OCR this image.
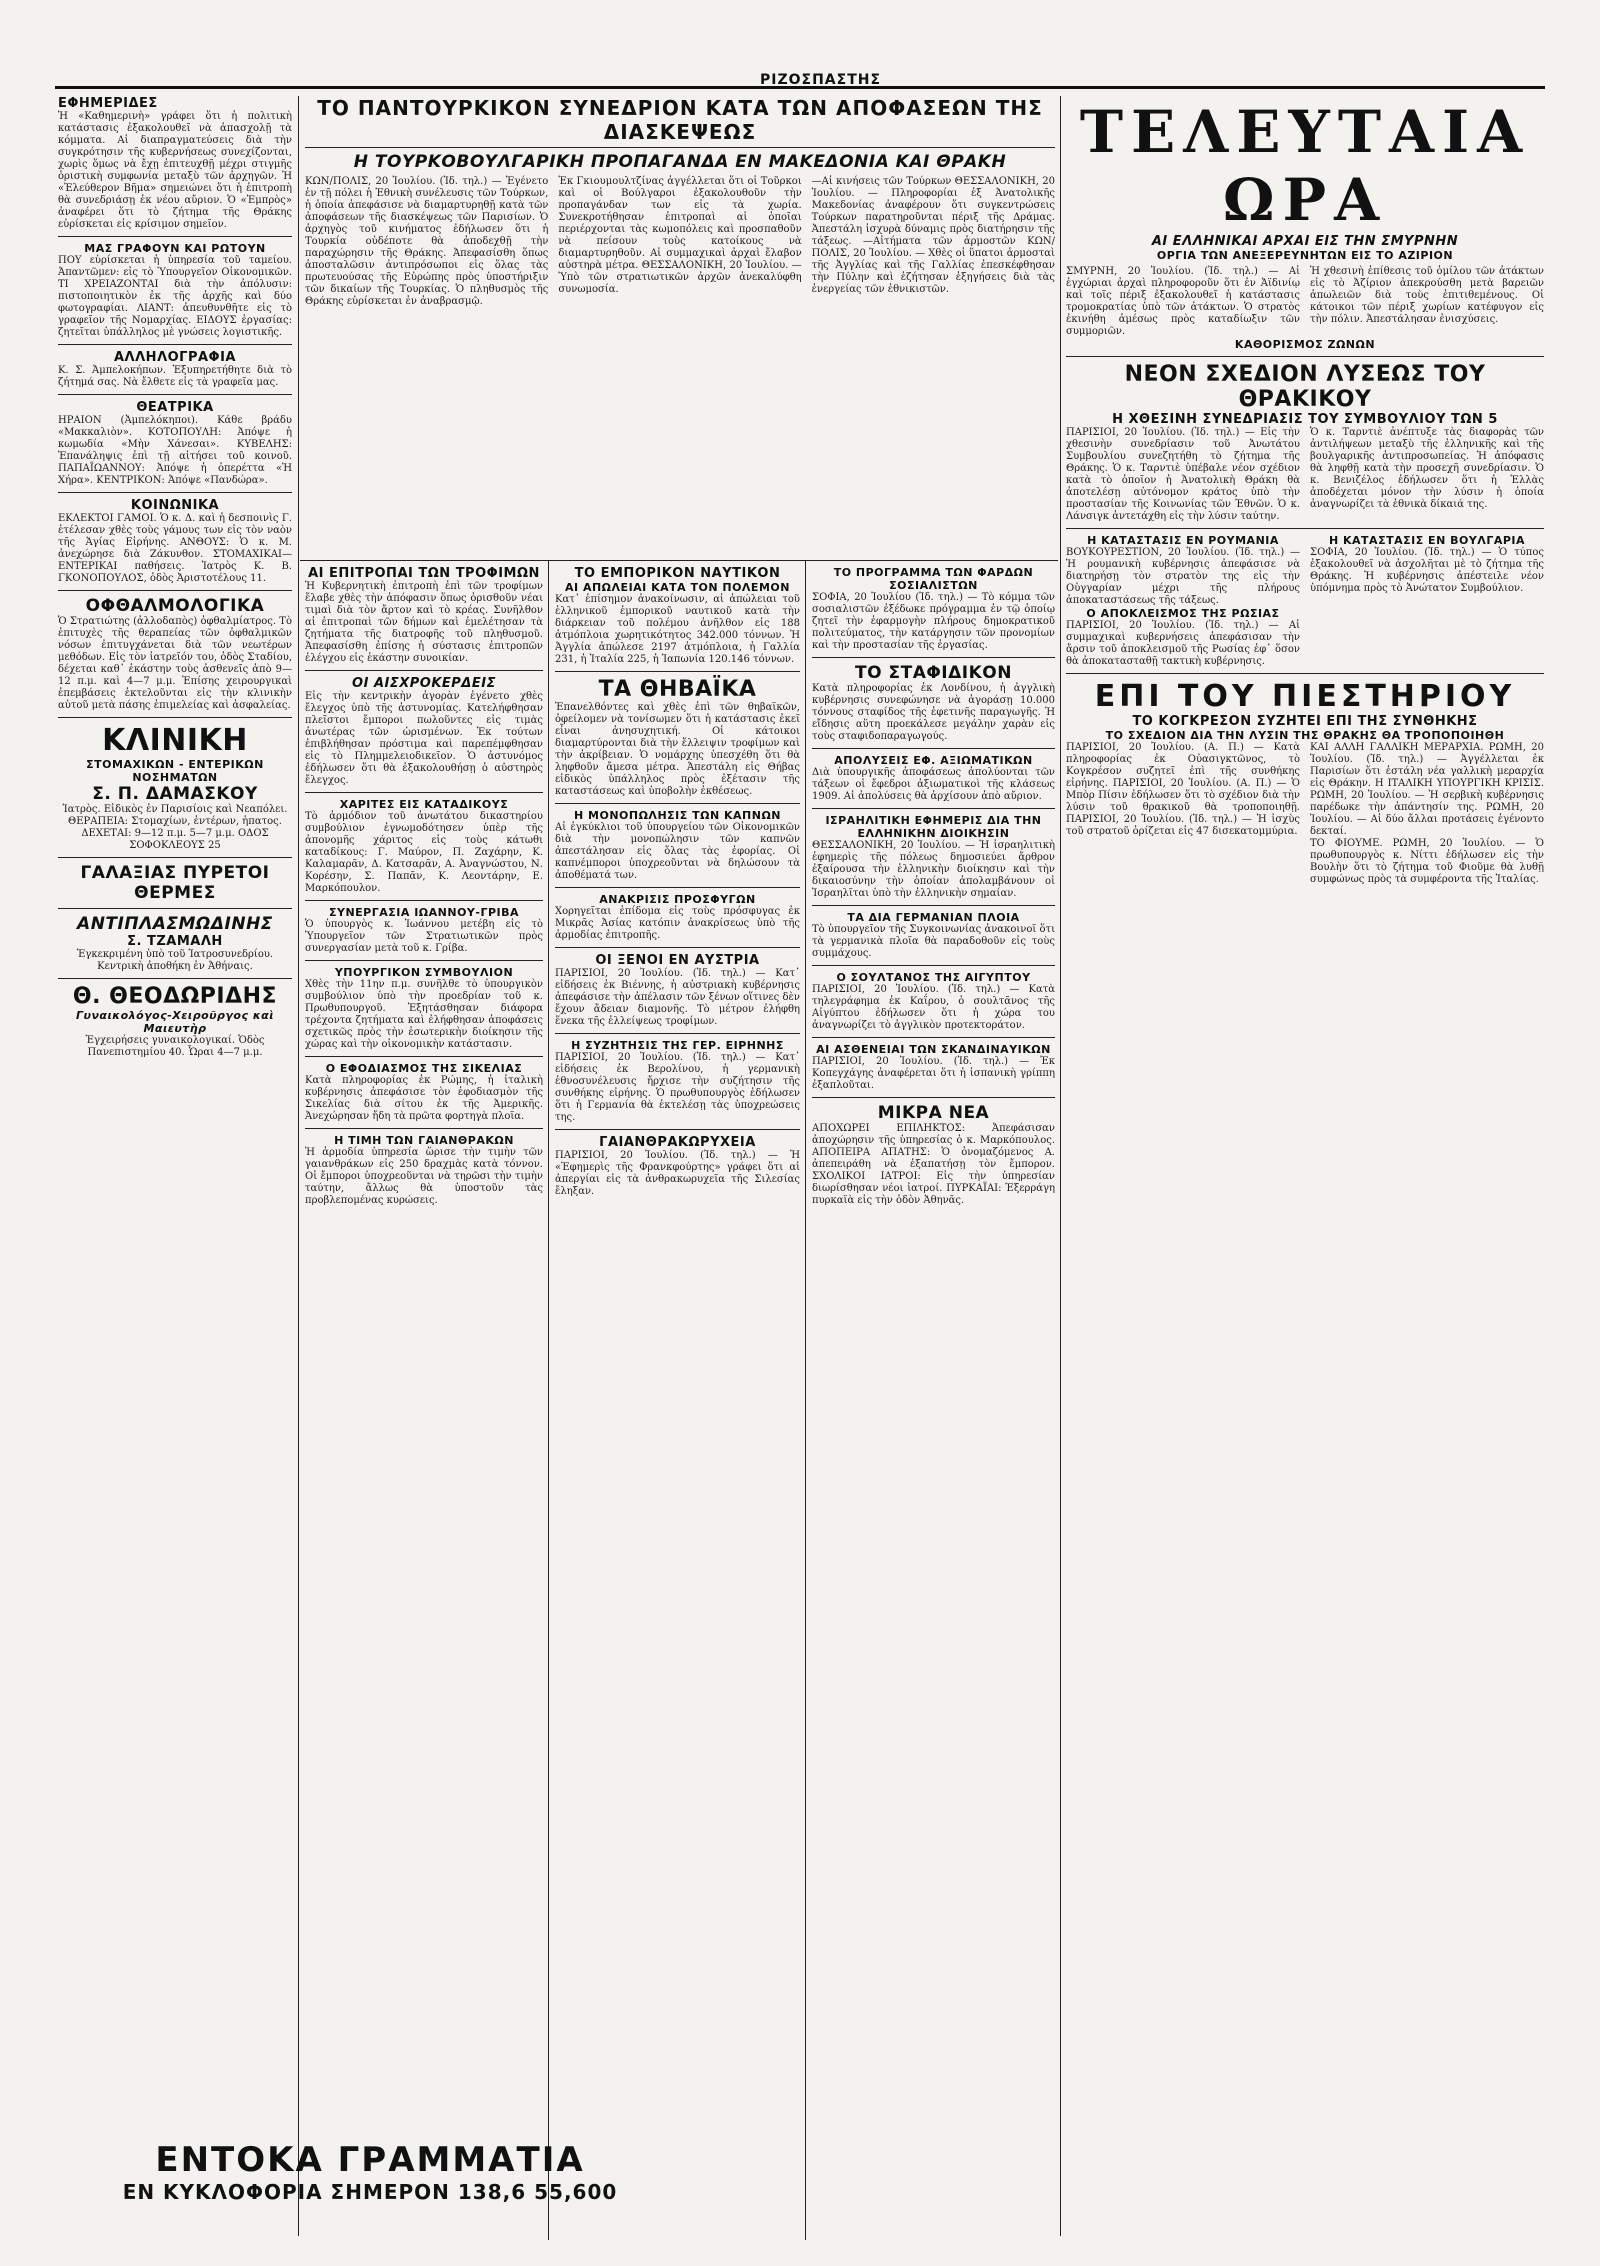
ΡΙΖΟΣΠΑΣΤΗΣ

ΕΦΗΜΕΡΙΔΕΣ

Ἡ «Καθημερινὴ» γράφει ὅτι ἡ πολιτικὴ κατάστασις ἐξακολουθεῖ νὰ ἀπασχολῇ τὰ κόμματα. Αἱ διαπραγματεύσεις διὰ τὴν συγκρότησιν τῆς κυβερνήσεως συνεχίζονται, χωρὶς ὅμως νὰ ἔχῃ ἐπιτευχθῇ μέχρι στιγμῆς ὁριστικὴ συμφωνία μεταξὺ τῶν ἀρχηγῶν. Ἡ «Ἐλεύθερον Βῆμα» σημειώνει ὅτι ἡ ἐπιτροπὴ θὰ συνεδριάσῃ ἐκ νέου αὔριον. Ὁ «Ἐμπρὸς» ἀναφέρει ὅτι τὸ ζήτημα τῆς Θράκης εὑρίσκεται εἰς κρίσιμον σημεῖον.

ΜΑΣ ΓΡΑΦΟΥΝ ΚΑΙ ΡΩΤΟΥΝ

ΠΟΥ εὑρίσκεται ἡ ὑπηρεσία τοῦ ταμείου. Ἀπαντῶμεν: εἰς τὸ Ὑπουργεῖον Οἰκονομικῶν. ΤΙ ΧΡΕΙΑΖΟΝΤΑΙ διὰ τὴν ἀπόλυσιν: πιστοποιητικὸν ἐκ τῆς ἀρχῆς καὶ δύο φωτογραφίαι. ΛΙΑΝΤ: ἀπευθυνθῆτε εἰς τὸ γραφεῖον τῆς Νομαρχίας. ΕΙΔΟΥΣ ἐργασίας: ζητεῖται ὑπάλληλος μὲ γνώσεις λογιστικῆς.

ΑΛΛΗΛΟΓΡΑΦΙΑ

Κ. Σ. Ἀμπελοκήπων. Ἐξυπηρετήθητε διὰ τὸ ζήτημά σας. Νὰ ἔλθετε εἰς τὰ γραφεῖα μας.

ΘΕΑΤΡΙΚΑ

ΗΡΑΙΟΝ (Ἀμπελόκηποι). Κάθε βράδυ «Μακκαλιὸν». ΚΟΤΟΠΟΥΛΗ: Ἀπόψε ἡ κωμωδία «Μὴν Χάνεσαι». ΚΥΒΕΛΗΣ: Ἐπανάληψις ἐπὶ τῇ αἰτήσει τοῦ κοινοῦ. ΠΑΠΑΪΩΑΝΝΟΥ: Ἀπόψε ἡ ὀπερέττα «Ἡ Χήρα». ΚΕΝΤΡΙΚΟΝ: Ἀπόψε «Πανδώρα».

ΚΟΙΝΩΝΙΚΑ

ΕΚΛΕΚΤΟΙ ΓΑΜΟΙ. Ὁ κ. Δ. καὶ ἡ δεσποινὶς Γ. ἐτέλεσαν χθὲς τοὺς γάμους των εἰς τὸν ναὸν τῆς Ἁγίας Εἰρήνης. ΑΝΘΟΥΣ: Ὁ κ. Μ. ἀνεχώρησε διὰ Ζάκυνθον. ΣΤΟΜΑΧΙΚΑΙ—ΕΝΤΕΡΙΚΑΙ παθήσεις. Ἰατρὸς Κ. Β. ΓΚΟΝΟΠΟΥΛΟΣ, ὁδὸς Ἀριστοτέλους 11.

ΟΦΘΑΛΜΟΛΟΓΙΚΑ

Ὁ Στρατιώτης (ἀλλοδαπὸς) ὀφθαλμίατρος. Τὸ ἐπιτυχὲς τῆς θεραπείας τῶν ὀφθαλμικῶν νόσων ἐπιτυγχάνεται διὰ τῶν νεωτέρων μεθόδων. Εἰς τὸν ἰατρεῖόν του, ὁδὸς Σταδίου, δέχεται καθ᾽ ἑκάστην τοὺς ἀσθενεῖς ἀπὸ 9—12 π.μ. καὶ 4—7 μ.μ. Ἐπίσης χειρουργικαὶ ἐπεμβάσεις ἐκτελοῦνται εἰς τὴν κλινικὴν αὐτοῦ μετὰ πάσης ἐπιμελείας καὶ ἀσφαλείας.

ΚΛΙΝΙΚΗ

ΣΤΟΜΑΧΙΚΩΝ - ΕΝΤΕΡΙΚΩΝ ΝΟΣΗΜΑΤΩΝ

Σ. Π. ΔΑΜΑΣΚΟΥ

Ἰατρὸς. Εἰδικὸς ἐν Παρισίοις καὶ Νεαπόλει. ΘΕΡΑΠΕΙΑ: Στομαχίων, ἐντέρων, ἡπατος. ΔΕΧΕΤΑΙ: 9—12 π.μ. 5—7 μ.μ. ΟΔΟΣ ΣΟΦΟΚΛΕΟΥΣ 25

ΓΑΛΑΞΙΑΣ ΠΥΡΕΤΟΙ ΘΕΡΜΕΣ

ΑΝΤΙΠΛΑΣΜΩΔΙΝΗΣ

Σ. ΤΖΑΜΑΛΗ

Ἐγκεκριμένη ὑπὸ τοῦ Ἰατροσυνεδρίου. Κεντρικὴ ἀποθήκη ἐν Ἀθήναις.

Θ. ΘΕΟΔΩΡΙΔΗΣ

Γυναικολόγος-Χειροῦργος καὶ Μαιευτὴρ

Ἐγχειρήσεις γυναικολογικαί. Ὁδὸς Πανεπιστημίου 40. Ὧραι 4—7 μ.μ.

ΤΟ ΠΑΝΤΟΥΡΚΙΚΟΝ ΣΥΝΕΔΡΙΟΝ ΚΑΤΑ ΤΩΝ ΑΠΟΦΑΣΕΩΝ ΤΗΣ ΔΙΑΣΚΕΨΕΩΣ

Η ΤΟΥΡΚΟΒΟΥΛΓΑΡΙΚΗ ΠΡΟΠΑΓΑΝΔΑ ΕΝ ΜΑΚΕΔΟΝΙΑ ΚΑΙ ΘΡΑΚΗ

ΚΩΝ/ΠΟΛΙΣ, 20 Ἰουλίου. (Ἰδ. τηλ.) — Ἐγένετο ἐν τῇ πόλει ἡ Ἐθνικὴ συνέλευσις τῶν Τούρκων, ἡ ὁποία ἀπεφάσισε νὰ διαμαρτυρηθῇ κατὰ τῶν ἀποφάσεων τῆς διασκέψεως τῶν Παρισίων. Ὁ ἀρχηγὸς τοῦ κινήματος ἐδήλωσεν ὅτι ἡ Τουρκία οὐδέποτε θὰ ἀποδεχθῇ τὴν παραχώρησιν τῆς Θράκης. Ἀπεφασίσθη ὅπως ἀποσταλῶσιν ἀντιπρόσωποι εἰς ὅλας τὰς πρωτευούσας τῆς Εὐρώπης πρὸς ὑποστήριξιν τῶν δικαίων τῆς Τουρκίας. Ὁ πληθυσμὸς τῆς Θράκης εὑρίσκεται ἐν ἀναβρασμῷ.

Ἐκ Γκιουμουλτζίνας ἀγγέλλεται ὅτι οἱ Τοῦρκοι καὶ οἱ Βούλγαροι ἐξακολουθοῦν τὴν προπαγάνδαν των εἰς τὰ χωρία. Συνεκροτήθησαν ἐπιτροπαὶ αἱ ὁποῖαι περιέρχονται τὰς κωμοπόλεις καὶ προσπαθοῦν νὰ πείσουν τοὺς κατοίκους νὰ διαμαρτυρηθοῦν. Αἱ συμμαχικαὶ ἀρχαὶ ἔλαβον αὐστηρὰ μέτρα. ΘΕΣΣΑΛΟΝΙΚΗ, 20 Ἰουλίου. — Ὑπὸ τῶν στρατιωτικῶν ἀρχῶν ἀνεκαλύφθη συνωμοσία.

—Αἱ κινήσεις τῶν Τούρκων ΘΕΣΣΑΛΟΝΙΚΗ, 20 Ἰουλίου. — Πληροφορίαι ἐξ Ἀνατολικῆς Μακεδονίας ἀναφέρουν ὅτι συγκεντρώσεις Τούρκων παρατηροῦνται πέριξ τῆς Δράμας. Ἀπεστάλη ἰσχυρὰ δύναμις πρὸς διατήρησιν τῆς τάξεως. —Αἰτήματα τῶν ἀρμοστῶν ΚΩΝ/ΠΟΛΙΣ, 20 Ἰουλίου. — Χθὲς οἱ ὕπατοι ἁρμοσταὶ τῆς Ἀγγλίας καὶ τῆς Γαλλίας ἐπεσκέφθησαν τὴν Πύλην καὶ ἐζήτησαν ἐξηγήσεις διὰ τὰς ἐνεργείας τῶν ἐθνικιστῶν.

ΑΙ ΕΠΙΤΡΟΠΑΙ ΤΩΝ ΤΡΟΦΙΜΩΝ

Ἡ Κυβερνητικὴ ἐπιτροπὴ ἐπὶ τῶν τροφίμων ἔλαβε χθὲς τὴν ἀπόφασιν ὅπως ὁρισθοῦν νέαι τιμαὶ διὰ τὸν ἄρτον καὶ τὸ κρέας. Συνῆλθον αἱ ἐπιτροπαὶ τῶν δήμων καὶ ἐμελέτησαν τὰ ζητήματα τῆς διατροφῆς τοῦ πληθυσμοῦ. Ἀπεφασίσθη ἐπίσης ἡ σύστασις ἐπιτροπῶν ἐλέγχου εἰς ἑκάστην συνοικίαν.

ΟΙ ΑΙΣΧΡΟΚΕΡΔΕΙΣ

Εἰς τὴν κεντρικὴν ἀγορὰν ἐγένετο χθὲς ἔλεγχος ὑπὸ τῆς ἀστυνομίας. Κατελήφθησαν πλεῖστοι ἔμποροι πωλοῦντες εἰς τιμὰς ἀνωτέρας τῶν ὡρισμένων. Ἐκ τούτων ἐπιβλήθησαν πρόστιμα καὶ παρεπέμφθησαν εἰς τὸ Πλημμελειοδικεῖον. Ὁ ἀστυνόμος ἐδήλωσεν ὅτι θὰ ἐξακολουθήσῃ ὁ αὐστηρὸς ἔλεγχος.

ΧΑΡΙΤΕΣ ΕΙΣ ΚΑΤΑΔΙΚΟΥΣ

Τὸ ἀρμόδιον τοῦ ἀνωτάτου δικαστηρίου συμβούλιον ἐγνωμοδότησεν ὑπὲρ τῆς ἀπονομῆς χάριτος εἰς τοὺς κάτωθι καταδίκους: Γ. Μαύρον, Π. Ζαχάρην, Κ. Καλαμαρᾶν, Δ. Κατσαρᾶν, Α. Ἀναγνώστου, Ν. Κορέσην, Σ. Παπᾶν, Κ. Λεοντάρην, Ε. Μαρκόπουλον.

ΣΥΝΕΡΓΑΣΙΑ ΙΩΑΝΝΟΥ-ΓΡΙΒΑ

Ὁ ὑπουργὸς κ. Ἰωάννου μετέβη εἰς τὸ Ὑπουργεῖον τῶν Στρατιωτικῶν πρὸς συνεργασίαν μετὰ τοῦ κ. Γρίβα.

ΥΠΟΥΡΓΙΚΟΝ ΣΥΜΒΟΥΛΙΟΝ

Χθὲς τὴν 11ην π.μ. συνῆλθε τὸ ὑπουργικὸν συμβούλιον ὑπὸ τὴν προεδρίαν τοῦ κ. Πρωθυπουργοῦ. Ἐξητάσθησαν διάφορα τρέχοντα ζητήματα καὶ ἐλήφθησαν ἀποφάσεις σχετικῶς πρὸς τὴν ἐσωτερικὴν διοίκησιν τῆς χώρας καὶ τὴν οἰκονομικὴν κατάστασιν.

Ο ΕΦΟΔΙΑΣΜΟΣ ΤΗΣ ΣΙΚΕΛΙΑΣ

Κατὰ πληροφορίας ἐκ Ρώμης, ἡ ἰταλικὴ κυβέρνησις ἀπεφάσισε τὸν ἐφοδιασμὸν τῆς Σικελίας διὰ σίτου ἐκ τῆς Ἀμερικῆς. Ἀνεχώρησαν ἤδη τὰ πρῶτα φορτηγὰ πλοῖα.

Η ΤΙΜΗ ΤΩΝ ΓΑΙΑΝΘΡΑΚΩΝ

Ἡ ἁρμοδία ὑπηρεσία ὥρισε τὴν τιμὴν τῶν γαιανθράκων εἰς 250 δραχμὰς κατὰ τόννον. Οἱ ἔμποροι ὑποχρεοῦνται νὰ τηρῶσι τὴν τιμὴν ταύτην, ἄλλως θὰ ὑποστοῦν τὰς προβλεπομένας κυρώσεις.

ΤΟ ΕΜΠΟΡΙΚΟΝ ΝΑΥΤΙΚΟΝ

ΑΙ ΑΠΩΛΕΙΑΙ ΚΑΤΑ ΤΟΝ ΠΟΛΕΜΟΝ

Κατ᾽ ἐπίσημον ἀνακοίνωσιν, αἱ ἀπώλειαι τοῦ ἑλληνικοῦ ἐμπορικοῦ ναυτικοῦ κατὰ τὴν διάρκειαν τοῦ πολέμου ἀνῆλθον εἰς 188 ἀτμόπλοια χωρητικότητος 342.000 τόννων. Ἡ Ἀγγλία ἀπώλεσε 2197 ἀτμόπλοια, ἡ Γαλλία 231, ἡ Ἰταλία 225, ἡ Ἰαπωνία 120.146 τόννων.

ΤΑ ΘΗΒΑΪΚΑ

Ἐπανελθόντες καὶ χθὲς ἐπὶ τῶν θηβαϊκῶν, ὀφείλομεν νὰ τονίσωμεν ὅτι ἡ κατάστασις ἐκεῖ εἶναι ἀνησυχητική. Οἱ κάτοικοι διαμαρτύρονται διὰ τὴν ἔλλειψιν τροφίμων καὶ τὴν ἀκρίβειαν. Ὁ νομάρχης ὑπεσχέθη ὅτι θὰ ληφθοῦν ἄμεσα μέτρα. Ἀπεστάλη εἰς Θήβας εἰδικὸς ὑπάλληλος πρὸς ἐξέτασιν τῆς καταστάσεως καὶ ὑποβολὴν ἐκθέσεως.

Η ΜΟΝΟΠΩΛΗΣΙΣ ΤΩΝ ΚΑΠΝΩΝ

Αἱ ἐγκύκλιοι τοῦ ὑπουργείου τῶν Οἰκονομικῶν διὰ τὴν μονοπώλησιν τῶν καπνῶν ἀπεστάλησαν εἰς ὅλας τὰς ἐφορίας. Οἱ καπνέμποροι ὑποχρεοῦνται νὰ δηλώσουν τὰ ἀποθέματά των.

ΑΝΑΚΡΙΣΙΣ ΠΡΟΣΦΥΓΩΝ

Χορηγεῖται ἐπίδομα εἰς τοὺς πρόσφυγας ἐκ Μικρᾶς Ἀσίας κατόπιν ἀνακρίσεως ὑπὸ τῆς ἁρμοδίας ἐπιτροπῆς.

ΟΙ ΞΕΝΟΙ ΕΝ ΑΥΣΤΡΙΑ

ΠΑΡΙΣΙΟΙ, 20 Ἰουλίου. (Ἰδ. τηλ.) — Κατ᾽ εἰδήσεις ἐκ Βιέννης, ἡ αὐστριακὴ κυβέρνησις ἀπεφάσισε τὴν ἀπέλασιν τῶν ξένων οἵτινες δὲν ἔχουν ἄδειαν διαμονῆς. Τὸ μέτρον ἐλήφθη ἕνεκα τῆς ἐλλείψεως τροφίμων.

Η ΣΥΖΗΤΗΣΙΣ ΤΗΣ ΓΕΡ. ΕΙΡΗΝΗΣ

ΠΑΡΙΣΙΟΙ, 20 Ἰουλίου. (Ἰδ. τηλ.) — Κατ᾽ εἰδήσεις ἐκ Βερολίνου, ἡ γερμανικὴ ἐθνοσυνέλευσις ἤρχισε τὴν συζήτησιν τῆς συνθήκης εἰρήνης. Ὁ πρωθυπουργὸς ἐδήλωσεν ὅτι ἡ Γερμανία θὰ ἐκτελέσῃ τὰς ὑποχρεώσεις της.

ΓΑΙΑΝΘΡΑΚΩΡΥΧΕΙΑ

ΠΑΡΙΣΙΟΙ, 20 Ἰουλίου. (Ἰδ. τηλ.) — Ἡ «Ἐφημερὶς τῆς Φρανκφούρτης» γράφει ὅτι αἱ ἀπεργίαι εἰς τὰ ἀνθρακωρυχεῖα τῆς Σιλεσίας ἔληξαν.

ΤΟ ΠΡΟΓΡΑΜΜΑ ΤΩΝ ΦΑΡΔΩΝ ΣΟΣΙΑΛΙΣΤΩΝ

ΣΟΦΙΑ, 20 Ἰουλίου (Ἰδ. τηλ.) — Τὸ κόμμα τῶν σοσιαλιστῶν ἐξέδωκε πρόγραμμα ἐν τῷ ὁποίῳ ζητεῖ τὴν ἐφαρμογὴν πλήρους δημοκρατικοῦ πολιτεύματος, τὴν κατάργησιν τῶν προνομίων καὶ τὴν προστασίαν τῆς ἐργασίας.

ΤΟ ΣΤΑΦΙΔΙΚΟΝ

Κατὰ πληροφορίας ἐκ Λονδίνου, ἡ ἀγγλικὴ κυβέρνησις συνεφώνησε νὰ ἀγοράσῃ 10.000 τόννους σταφίδος τῆς ἐφετινῆς παραγωγῆς. Ἡ εἴδησις αὕτη προεκάλεσε μεγάλην χαρὰν εἰς τοὺς σταφιδοπαραγωγούς.

ΑΠΟΛΥΣΕΙΣ ΕΦ. ΑΞΙΩΜΑΤΙΚΩΝ

Διὰ ὑπουργικῆς ἀποφάσεως ἀπολύονται τῶν τάξεων οἱ ἔφεδροι ἀξιωματικοὶ τῆς κλάσεως 1909. Αἱ ἀπολύσεις θὰ ἀρχίσουν ἀπὸ αὔριον.

ΙΣΡΑΗΛΙΤΙΚΗ ΕΦΗΜΕΡΙΣ ΔΙΑ ΤΗΝ ΕΛΛΗΝΙΚΗΝ ΔΙΟΙΚΗΣΙΝ

ΘΕΣΣΑΛΟΝΙΚΗ, 20 Ἰουλίου. — Ἡ ἰσραηλιτικὴ ἐφημερὶς τῆς πόλεως δημοσιεύει ἄρθρον ἐξαίρουσα τὴν ἑλληνικὴν διοίκησιν καὶ τὴν δικαιοσύνην τὴν ὁποίαν ἀπολαμβάνουν οἱ Ἰσραηλῖται ὑπὸ τὴν ἑλληνικὴν σημαίαν.

ΤΑ ΔΙΑ ΓΕΡΜΑΝΙΑΝ ΠΛΟΙΑ

Τὸ ὑπουργεῖον τῆς Συγκοινωνίας ἀνακοινοῖ ὅτι τὰ γερμανικὰ πλοῖα θὰ παραδοθοῦν εἰς τοὺς συμμάχους.

Ο ΣΟΥΛΤΑΝΟΣ ΤΗΣ ΑΙΓΥΠΤΟΥ

ΠΑΡΙΣΙΟΙ, 20 Ἰουλίου. (Ἰδ. τηλ.) — Κατὰ τηλεγράφημα ἐκ Καΐρου, ὁ σουλτᾶνος τῆς Αἰγύπτου ἐδήλωσεν ὅτι ἡ χώρα του ἀναγνωρίζει τὸ ἀγγλικὸν προτεκτοράτον.

ΑΙ ΑΣΘΕΝΕΙΑΙ ΤΩΝ ΣΚΑΝΔΙΝΑΥΙΚΩΝ

ΠΑΡΙΣΙΟΙ, 20 Ἰουλίου. (Ἰδ. τηλ.) — Ἐκ Κοπεγχάγης ἀναφέρεται ὅτι ἡ ἰσπανικὴ γρίππη ἐξαπλοῦται.

ΜΙΚΡΑ ΝΕΑ

ΑΠΟΧΩΡΕΙ ΕΠΙΛΗΚΤΟΣ: Ἀπεφάσισαν ἀποχώρησιν τῆς ὑπηρεσίας ὁ κ. Μαρκόπουλος. ΑΠΟΠΕΙΡΑ ΑΠΑΤΗΣ: Ὁ ὀνομαζόμενος Α. ἀπεπειράθη νὰ ἐξαπατήσῃ τὸν ἔμπορον. ΣΧΟΛΙΚΟΙ ΙΑΤΡΟΙ: Εἰς τὴν ὑπηρεσίαν διωρίσθησαν νέοι ἰατροί. ΠΥΡΚΑΪΑΙ: Ἐξερράγη πυρκαϊὰ εἰς τὴν ὁδὸν Ἀθηνᾶς.

ΤΕΛΕΥΤΑΙΑ ΩΡΑ

ΑΙ ΕΛΛΗΝΙΚΑΙ ΑΡΧΑΙ ΕΙΣ ΤΗΝ ΣΜΥΡΝΗΝ

ΟΡΓΙΑ ΤΩΝ ΑΝΕΞΕΡΕΥΝΗΤΩΝ ΕΙΣ ΤΟ ΑΖΙΡΙΟΝ

ΣΜΥΡΝΗ, 20 Ἰουλίου. (Ἰδ. τηλ.) — Αἱ ἐγχώριαι ἀρχαὶ πληροφοροῦν ὅτι ἐν Ἀϊδινίῳ καὶ τοῖς πέριξ ἐξακολουθεῖ ἡ κατάστασις τρομοκρατίας ὑπὸ τῶν ἀτάκτων. Ὁ στρατὸς ἐκινήθη ἀμέσως πρὸς καταδίωξιν τῶν συμμοριῶν.

Ἡ χθεσινὴ ἐπίθεσις τοῦ ὁμίλου τῶν ἀτάκτων εἰς τὸ Ἀζίριον ἀπεκρούσθη μετὰ βαρειῶν ἀπωλειῶν διὰ τοὺς ἐπιτιθεμένους. Οἱ κάτοικοι τῶν πέριξ χωρίων κατέφυγον εἰς τὴν πόλιν. Ἀπεστάλησαν ἐνισχύσεις.

ΚΑΘΟΡΙΣΜΟΣ ΖΩΝΩΝ

ΝΕΟΝ ΣΧΕΔΙΟΝ ΛΥΣΕΩΣ ΤΟΥ ΘΡΑΚΙΚΟΥ

Η ΧΘΕΣΙΝΗ ΣΥΝΕΔΡΙΑΣΙΣ ΤΟΥ ΣΥΜΒΟΥΛΙΟΥ ΤΩΝ 5

ΠΑΡΙΣΙΟΙ, 20 Ἰουλίου. (Ἰδ. τηλ.) — Εἰς τὴν χθεσινὴν συνεδρίασιν τοῦ Ἀνωτάτου Συμβουλίου συνεζητήθη τὸ ζήτημα τῆς Θράκης. Ὁ κ. Ταρντιὲ ὑπέβαλε νέον σχέδιον κατὰ τὸ ὁποῖον ἡ Ἀνατολικὴ Θράκη θὰ ἀποτελέσῃ αὐτόνομον κράτος ὑπὸ τὴν προστασίαν τῆς Κοινωνίας τῶν Ἐθνῶν. Ὁ κ. Λάνσιγκ ἀντετάχθη εἰς τὴν λύσιν ταύτην.

Ὁ κ. Ταρντιὲ ἀνέπτυξε τὰς διαφορὰς τῶν ἀντιλήψεων μεταξὺ τῆς ἑλληνικῆς καὶ τῆς βουλγαρικῆς ἀντιπροσωπείας. Ἡ ἀπόφασις θὰ ληφθῇ κατὰ τὴν προσεχῆ συνεδρίασιν. Ὁ κ. Βενιζέλος ἐδήλωσεν ὅτι ἡ Ἑλλὰς ἀποδέχεται μόνον τὴν λύσιν ἡ ὁποία ἀναγνωρίζει τὰ ἐθνικὰ δίκαιά της.

Η ΚΑΤΑΣΤΑΣΙΣ ΕΝ ΡΟΥΜΑΝΙΑ

ΒΟΥΚΟΥΡΕΣΤΙΟΝ, 20 Ἰουλίου. (Ἰδ. τηλ.) — Ἡ ρουμανικὴ κυβέρνησις ἀπεφάσισε νὰ διατηρήσῃ τὸν στρατὸν της εἰς τὴν Οὑγγαρίαν μέχρι τῆς πλήρους ἀποκαταστάσεως τῆς τάξεως.

Ο ΑΠΟΚΛΕΙΣΜΟΣ ΤΗΣ ΡΩΣΙΑΣ

ΠΑΡΙΣΙΟΙ, 20 Ἰουλίου. (Ἰδ. τηλ.) — Αἱ συμμαχικαὶ κυβερνήσεις ἀπεφάσισαν τὴν ἄρσιν τοῦ ἀποκλεισμοῦ τῆς Ρωσίας ἐφ᾽ ὅσον θὰ ἀποκατασταθῇ τακτικὴ κυβέρνησις.

Η ΚΑΤΑΣΤΑΣΙΣ ΕΝ ΒΟΥΛΓΑΡΙΑ

ΣΟΦΙΑ, 20 Ἰουλίου. (Ἰδ. τηλ.) — Ὁ τύπος ἐξακολουθεῖ νὰ ἀσχολῆται μὲ τὸ ζήτημα τῆς Θράκης. Ἡ κυβέρνησις ἀπέστειλε νέον ὑπόμνημα πρὸς τὸ Ἀνώτατον Συμβούλιον.

ΕΠΙ ΤΟΥ ΠΙΕΣΤΗΡΙΟΥ

ΤΟ ΚΟΓΚΡΕΣΟΝ ΣΥΖΗΤΕΙ ΕΠΙ ΤΗΣ ΣΥΝΘΗΚΗΣ

ΤΟ ΣΧΕΔΙΟΝ ΔΙΑ ΤΗΝ ΛΥΣΙΝ ΤΗΣ ΘΡΑΚΗΣ ΘΑ ΤΡΟΠΟΠΟΙΗΘΗ

ΠΑΡΙΣΙΟΙ, 20 Ἰουλίου. (Α. Π.) — Κατὰ πληροφορίας ἐκ Οὐασιγκτῶνος, τὸ Κογκρέσον συζητεῖ ἐπὶ τῆς συνθήκης εἰρήνης. ΠΑΡΙΣΙΟΙ, 20 Ἰουλίου. (Α. Π.) — Ὁ Μπὸρ Πίσιν ἐδήλωσεν ὅτι τὸ σχέδιον διὰ τὴν λύσιν τοῦ θρακικοῦ θὰ τροποποιηθῇ. ΠΑΡΙΣΙΟΙ, 20 Ἰουλίου. (Ἰδ. τηλ.) — Ἡ ἰσχὺς τοῦ στρατοῦ ὁρίζεται εἰς 47 δισεκατομμύρια.

ΚΑΙ ΑΛΛΗ ΓΑΛΛΙΚΗ ΜΕΡΑΡΧΙΑ. ΡΩΜΗ, 20 Ἰουλίου. (Ἰδ. τηλ.) — Ἀγγέλλεται ἐκ Παρισίων ὅτι ἐστάλη νέα γαλλικὴ μεραρχία εἰς Θράκην. Η ΙΤΑΛΙΚΗ ΥΠΟΥΡΓΙΚΗ ΚΡΙΣΙΣ. ΡΩΜΗ, 20 Ἰουλίου. — Ἡ σερβικὴ κυβέρνησις παρέδωκε τὴν ἀπάντησίν της. ΡΩΜΗ, 20 Ἰουλίου. — Αἱ δύο ἄλλαι προτάσεις ἐγένοντο δεκταί.

ΤΟ ΦΙΟΥΜΕ. ΡΩΜΗ, 20 Ἰουλίου. — Ὁ πρωθυπουργὸς κ. Νίττι ἐδήλωσεν εἰς τὴν Βουλὴν ὅτι τὸ ζήτημα τοῦ Φιοῦμε θὰ λυθῇ συμφώνως πρὸς τὰ συμφέροντα τῆς Ἰταλίας.

ΕΝΤΟΚΑ ΓΡΑΜΜΑΤΙΑ
ΕΝ ΚΥΚΛΟΦΟΡΙΑ ΣΗΜΕΡΟΝ 138,6 55,600
